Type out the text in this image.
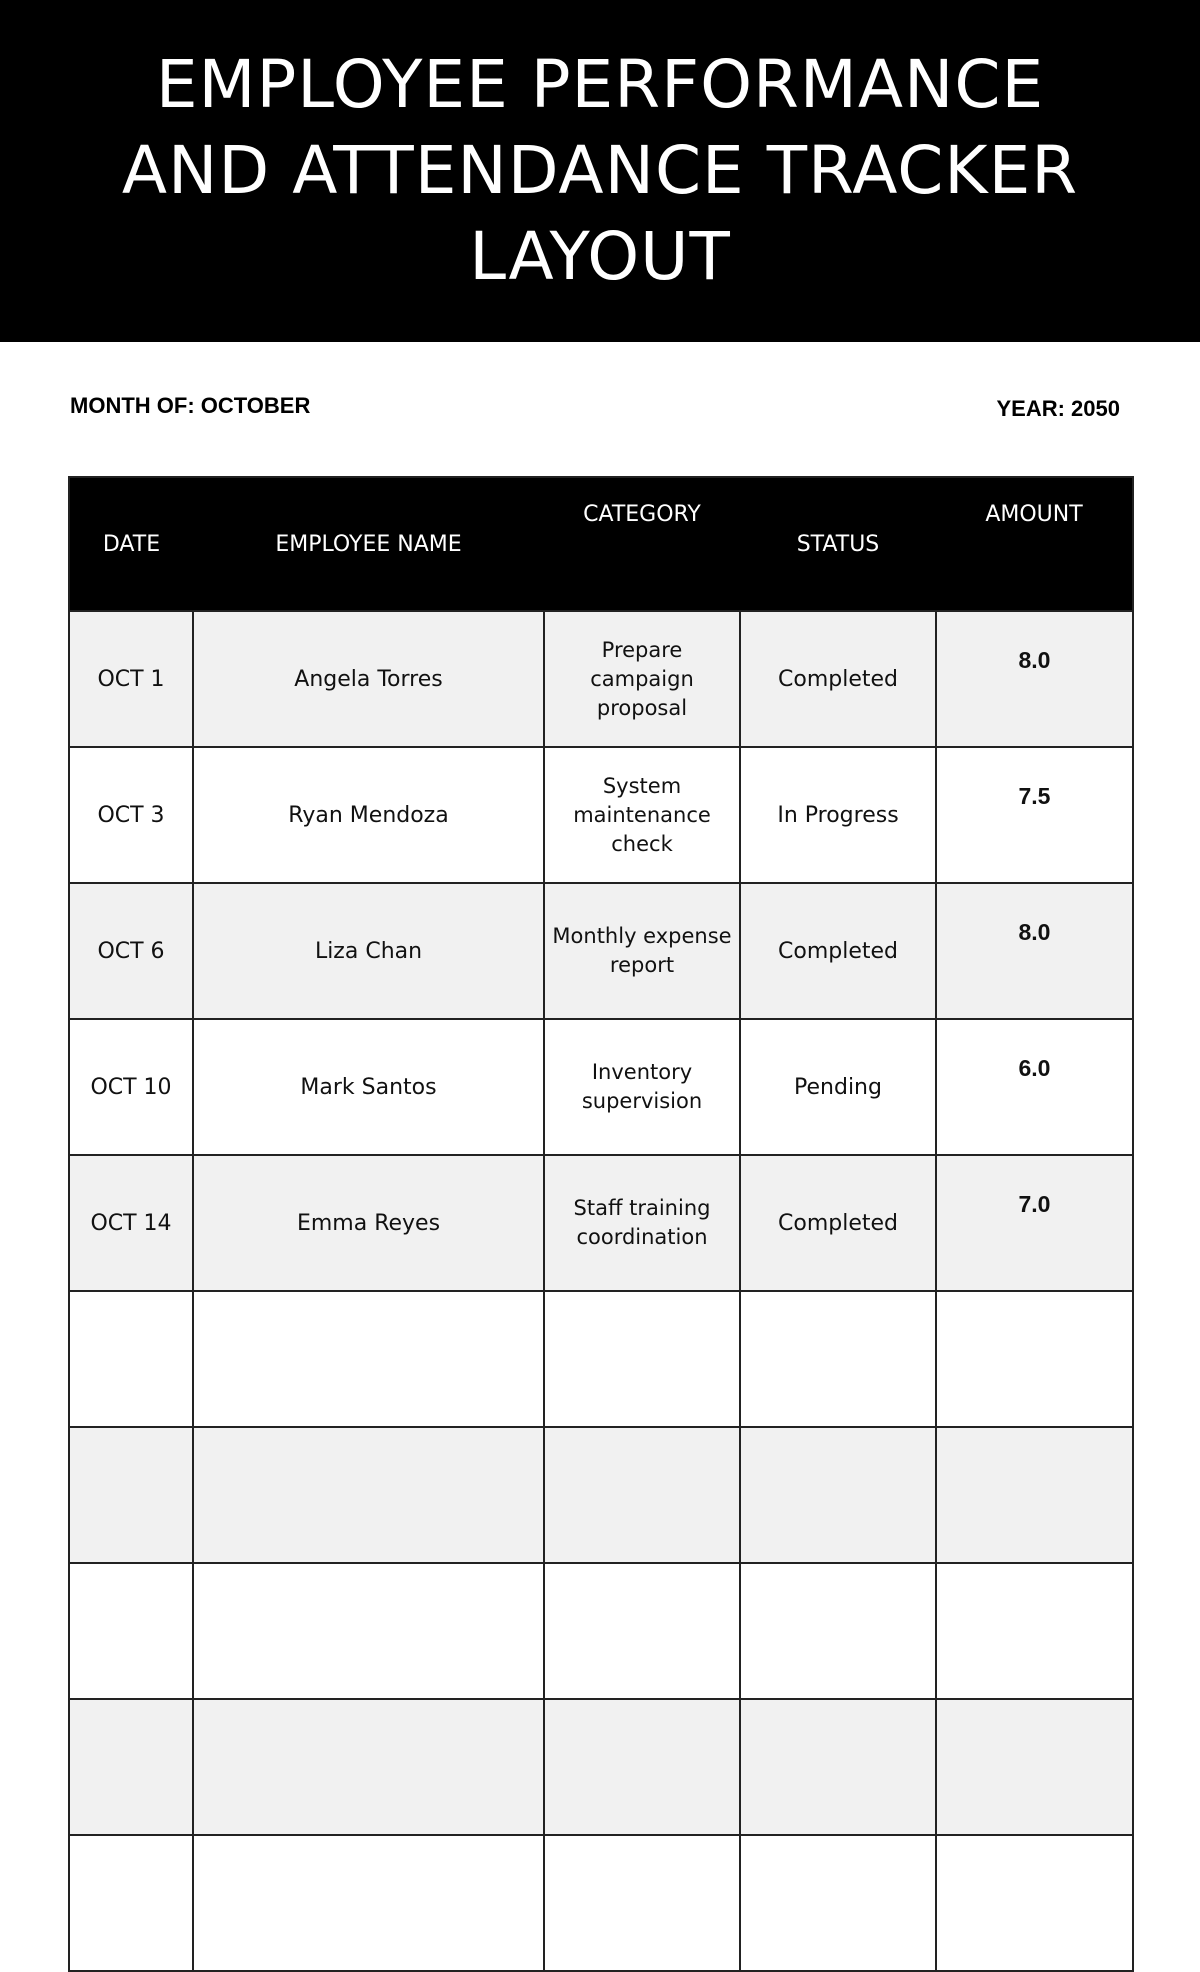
EMPLOYEE PERFORMANCE AND ATTENDANCE TRACKER LAYOUT
MONTH OF: OCTOBER	YEAR: 2050
DATE	EMPLOYEE NAME	CATEGORY	STATUS	AMOUNT
OCT 1	Angela Torres	Prepare campaign proposal	Completed	8.0
OCT 3	Ryan Mendoza	System maintenance check	In Progress	7.5
OCT 6	Liza Chan	Monthly expense report	Completed	8.0
OCT 10	Mark Santos	Inventory supervision	Pending	6.0
OCT 14	Emma Reyes	Staff training coordination	Completed	7.0
